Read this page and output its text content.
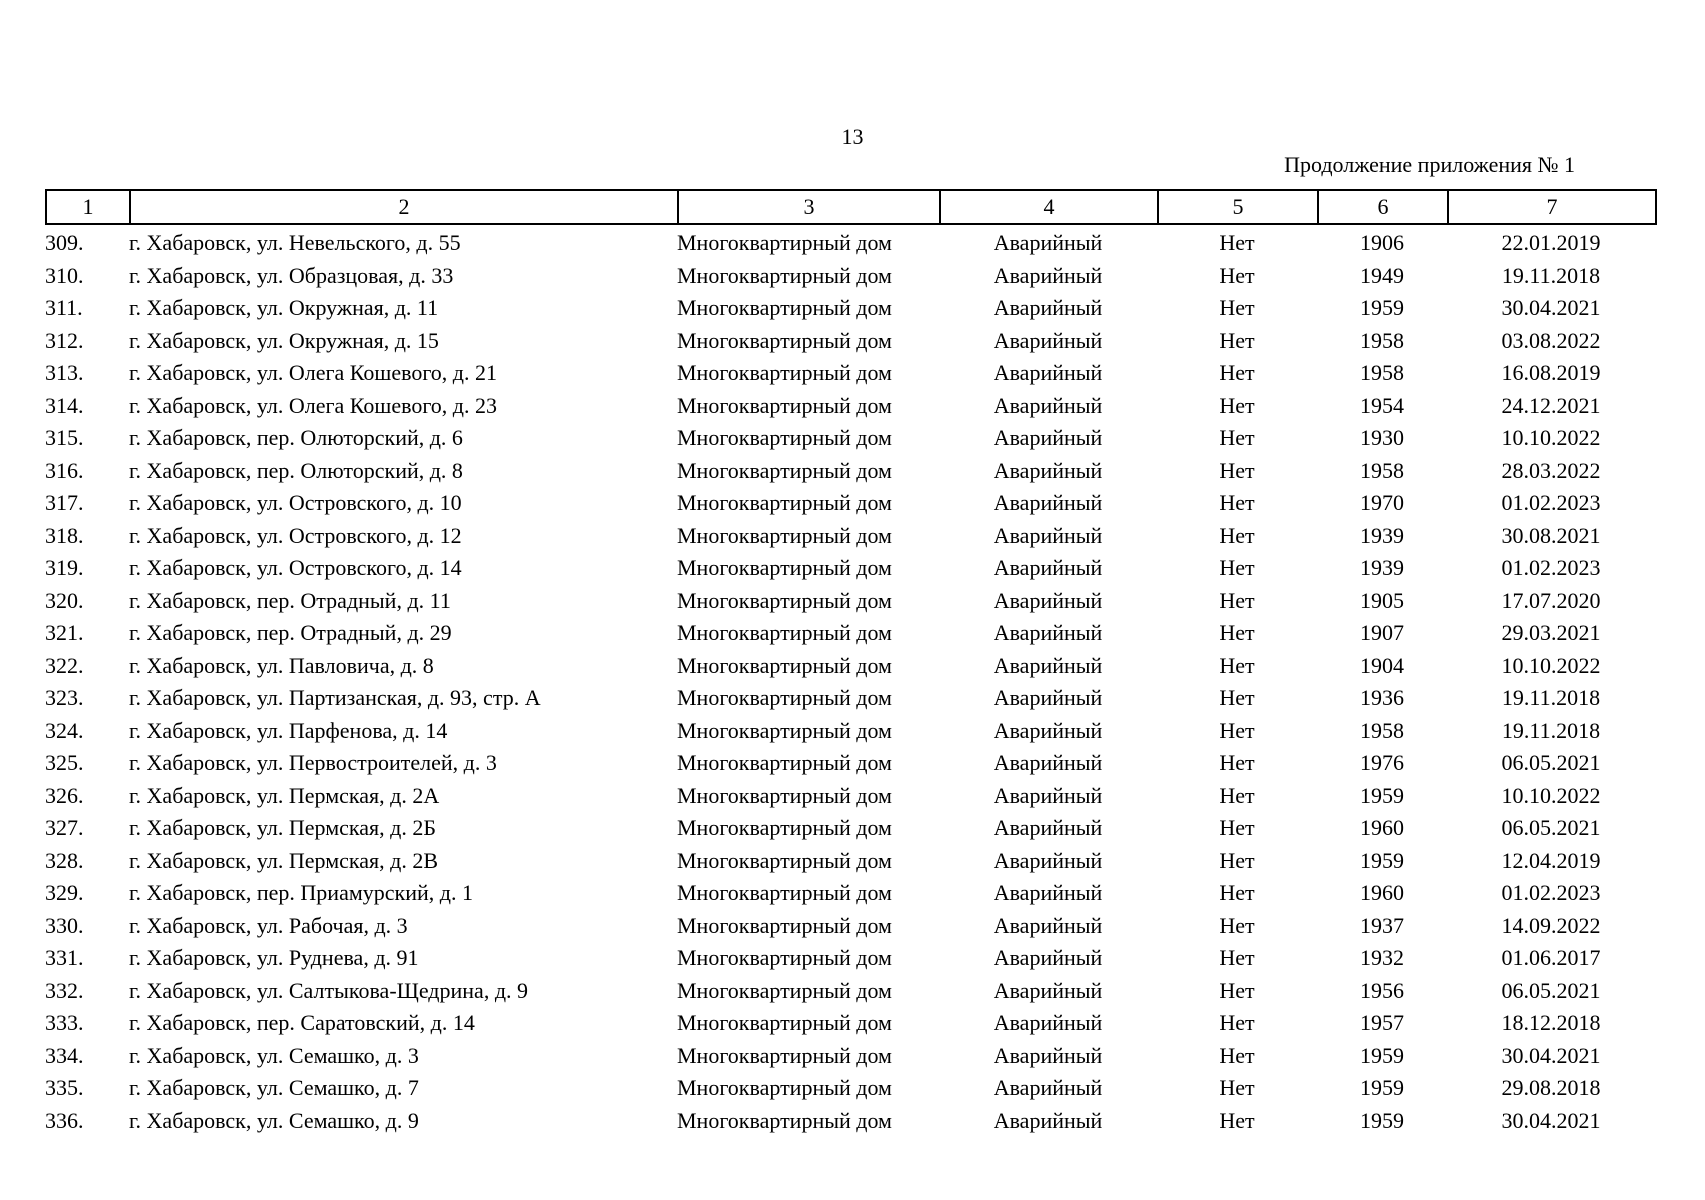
13
Продолжение приложения № 1
1	2	3	4	5	6	7
309.	г. Хабаровск, ул. Невельского, д. 55	Многоквартирный дом	Аварийный	Нет	1906	22.01.2019
310.	г. Хабаровск, ул. Образцовая, д. 33	Многоквартирный дом	Аварийный	Нет	1949	19.11.2018
311.	г. Хабаровск, ул. Окружная, д. 11	Многоквартирный дом	Аварийный	Нет	1959	30.04.2021
312.	г. Хабаровск, ул. Окружная, д. 15	Многоквартирный дом	Аварийный	Нет	1958	03.08.2022
313.	г. Хабаровск, ул. Олега Кошевого, д. 21	Многоквартирный дом	Аварийный	Нет	1958	16.08.2019
314.	г. Хабаровск, ул. Олега Кошевого, д. 23	Многоквартирный дом	Аварийный	Нет	1954	24.12.2021
315.	г. Хабаровск, пер. Олюторский, д. 6	Многоквартирный дом	Аварийный	Нет	1930	10.10.2022
316.	г. Хабаровск, пер. Олюторский, д. 8	Многоквартирный дом	Аварийный	Нет	1958	28.03.2022
317.	г. Хабаровск, ул. Островского, д. 10	Многоквартирный дом	Аварийный	Нет	1970	01.02.2023
318.	г. Хабаровск, ул. Островского, д. 12	Многоквартирный дом	Аварийный	Нет	1939	30.08.2021
319.	г. Хабаровск, ул. Островского, д. 14	Многоквартирный дом	Аварийный	Нет	1939	01.02.2023
320.	г. Хабаровск, пер. Отрадный, д. 11	Многоквартирный дом	Аварийный	Нет	1905	17.07.2020
321.	г. Хабаровск, пер. Отрадный, д. 29	Многоквартирный дом	Аварийный	Нет	1907	29.03.2021
322.	г. Хабаровск, ул. Павловича, д. 8	Многоквартирный дом	Аварийный	Нет	1904	10.10.2022
323.	г. Хабаровск, ул. Партизанская, д. 93, стр. А	Многоквартирный дом	Аварийный	Нет	1936	19.11.2018
324.	г. Хабаровск, ул. Парфенова, д. 14	Многоквартирный дом	Аварийный	Нет	1958	19.11.2018
325.	г. Хабаровск, ул. Первостроителей, д. 3	Многоквартирный дом	Аварийный	Нет	1976	06.05.2021
326.	г. Хабаровск, ул. Пермская, д. 2А	Многоквартирный дом	Аварийный	Нет	1959	10.10.2022
327.	г. Хабаровск, ул. Пермская, д. 2Б	Многоквартирный дом	Аварийный	Нет	1960	06.05.2021
328.	г. Хабаровск, ул. Пермская, д. 2В	Многоквартирный дом	Аварийный	Нет	1959	12.04.2019
329.	г. Хабаровск, пер. Приамурский, д. 1	Многоквартирный дом	Аварийный	Нет	1960	01.02.2023
330.	г. Хабаровск, ул. Рабочая, д. 3	Многоквартирный дом	Аварийный	Нет	1937	14.09.2022
331.	г. Хабаровск, ул. Руднева, д. 91	Многоквартирный дом	Аварийный	Нет	1932	01.06.2017
332.	г. Хабаровск, ул. Салтыкова-Щедрина, д. 9	Многоквартирный дом	Аварийный	Нет	1956	06.05.2021
333.	г. Хабаровск, пер. Саратовский, д. 14	Многоквартирный дом	Аварийный	Нет	1957	18.12.2018
334.	г. Хабаровск, ул. Семашко, д. 3	Многоквартирный дом	Аварийный	Нет	1959	30.04.2021
335.	г. Хабаровск, ул. Семашко, д. 7	Многоквартирный дом	Аварийный	Нет	1959	29.08.2018
336.	г. Хабаровск, ул. Семашко, д. 9	Многоквартирный дом	Аварийный	Нет	1959	30.04.2021
